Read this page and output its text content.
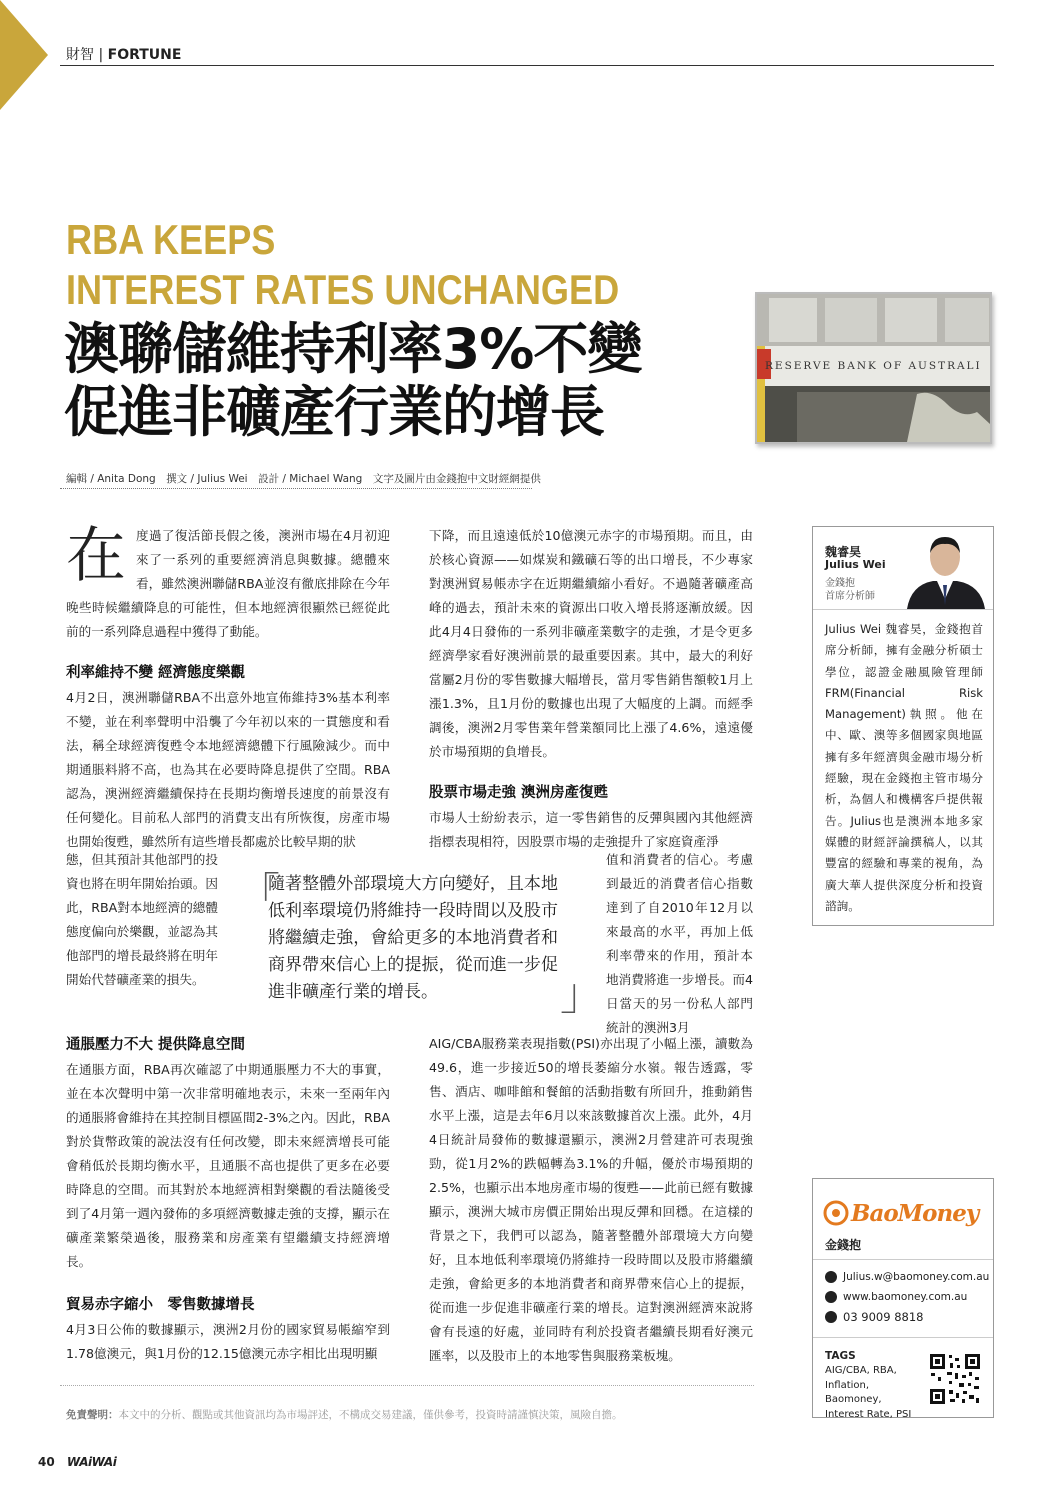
財智 | FORTUNE
RBA KEEPS
INTEREST RATES UNCHANGED
澳聯儲維持利率3%不變
促進非礦產行業的增長
RESERVE BANK OF AUSTRALI
編輯 / Anita Dong　撰文 / Julius Wei　設計 / Michael Wang　文字及圖片由金錢抱中文財經網提供
在 度過了復活節長假之後，澳洲市場在4月初迎來了一系列的重要經濟消息與數據。總體來看，雖然澳洲聯儲RBA並沒有徹底排除在今年晚些時候繼續降息的可能性，但本地經濟很顯然已經從此前的一系列降息過程中獲得了動能。

利率維持不變 經濟態度樂觀

4月2日，澳洲聯儲RBA不出意外地宣佈維持3%基本利率不變，並在利率聲明中沿襲了今年初以來的一貫態度和看法，稱全球經濟復甦令本地經濟總體下行風險減少。而中期通脹料將不高，也為其在必要時降息提供了空間。RBA認為，澳洲經濟繼續保持在長期均衡增長速度的前景沒有任何變化。目前私人部門的消費支出有所恢復，房產市場也開始復甦，雖然所有這些增長都處於比較早期的狀

態，但其預計其他部門的投資也將在明年開始抬頭。因此，RBA對本地經濟的總體態度偏向於樂觀，並認為其他部門的增長最終將在明年開始代替礦產業的損失。

通脹壓力不大 提供降息空間

在通脹方面，RBA再次確認了中期通脹壓力不大的事實，並在本次聲明中第一次非常明確地表示，未來一至兩年內的通脹將會維持在其控制目標區間2-3%之內。因此，RBA對於貨幣政策的說法沒有任何改變，即未來經濟增長可能會稍低於長期均衡水平，且通脹不高也提供了更多在必要時降息的空間。而其對於本地經濟相對樂觀的看法隨後受到了4月第一週內發佈的多項經濟數據走強的支撐，顯示在礦產業繁榮過後，服務業和房產業有望繼續支持經濟增長。

貿易赤字縮小　零售數據增長

4月3日公佈的數據顯示，澳洲2月份的國家貿易帳縮窄到1.78億澳元，與1月份的12.15億澳元赤字相比出現明顯

下降，而且遠遠低於10億澳元赤字的市場預期。而且，由於核心資源——如煤炭和鐵礦石等的出口增長，不少專家對澳洲貿易帳赤字在近期繼續縮小看好。不過隨著礦產高峰的過去，預計未來的資源出口收入增長將逐漸放緩。因此4月4日發佈的一系列非礦產業數字的走強，才是令更多經濟學家看好澳洲前景的最重要因素。其中，最大的利好當屬2月份的零售數據大幅增長，當月零售銷售額較1月上漲1.3%，且1月份的數據也出現了大幅度的上調。而經季調後，澳洲2月零售業年營業額同比上漲了4.6%，遠遠優於市場預期的負增長。

股票市場走強 澳洲房產復甦

市場人士紛紛表示，這一零售銷售的反彈與國內其他經濟指標表現相符，因股票市場的走強提升了家庭資產淨

值和消費者的信心。考慮到最近的消費者信心指數達到了自2010年12月以來最高的水平，再加上低利率帶來的作用，預計本地消費將進一步增長。而4日當天的另一份私人部門統計的澳洲3月

AIG/CBA服務業表現指數(PSI)亦出現了小幅上漲，讀數為49.6，進一步接近50的增長萎縮分水嶺。報告透露，零售、酒店、咖啡館和餐館的活動指數有所回升，推動銷售水平上漲，這是去年6月以來該數據首次上漲。此外，4月4日統計局發佈的數據還顯示，澳洲2月營建許可表現強勁，從1月2%的跌幅轉為3.1%的升幅，優於市場預期的2.5%，也顯示出本地房產市場的復甦——此前已經有數據顯示，澳洲大城市房價正開始出現反彈和回穩。在這樣的背景之下，我們可以認為，隨著整體外部環境大方向變好，且本地低利率環境仍將維持一段時間以及股市將繼續走強，會給更多的本地消費者和商界帶來信心上的提振，從而進一步促進非礦產行業的增長。這對澳洲經濟來說將會有長遠的好處，並同時有利於投資者繼續長期看好澳元匯率，以及股市上的本地零售與服務業板塊。

「
隨著整體外部環境大方向變好，且本地低利率環境仍將維持一段時間以及股市將繼續走強，會給更多的本地消費者和商界帶來信心上的提振，從而進一步促進非礦產行業的增長。	」
魏睿昊
Julius Wei
金錢抱
首席分析師
Julius Wei 魏睿昊，金錢抱首席分析師，擁有金融分析碩士學位，認證金融風險管理師FRM(Financial Risk Management)執照。他在中、歐、澳等多個國家與地區擁有多年經濟與金融市場分析經驗，現在金錢抱主管市場分析，為個人和機構客戶提供報告。Julius也是澳洲本地多家媒體的財經評論撰稿人，以其豐富的經驗和專業的視角，為廣大華人提供深度分析和投資諮詢。
BaoMoney
金錢抱
Julius.w@baomoney.com.au
www.baomoney.com.au
03 9009 8818
TAGS
AIG/CBA, RBA, Inflation, Baomoney, Interest Rate, PSI
免責聲明：本文中的分析、觀點或其他資訊均為市場評述，不構成交易建議，僅供參考，投資時請謹慎決策，風險自擔。
40 WAiWAi
